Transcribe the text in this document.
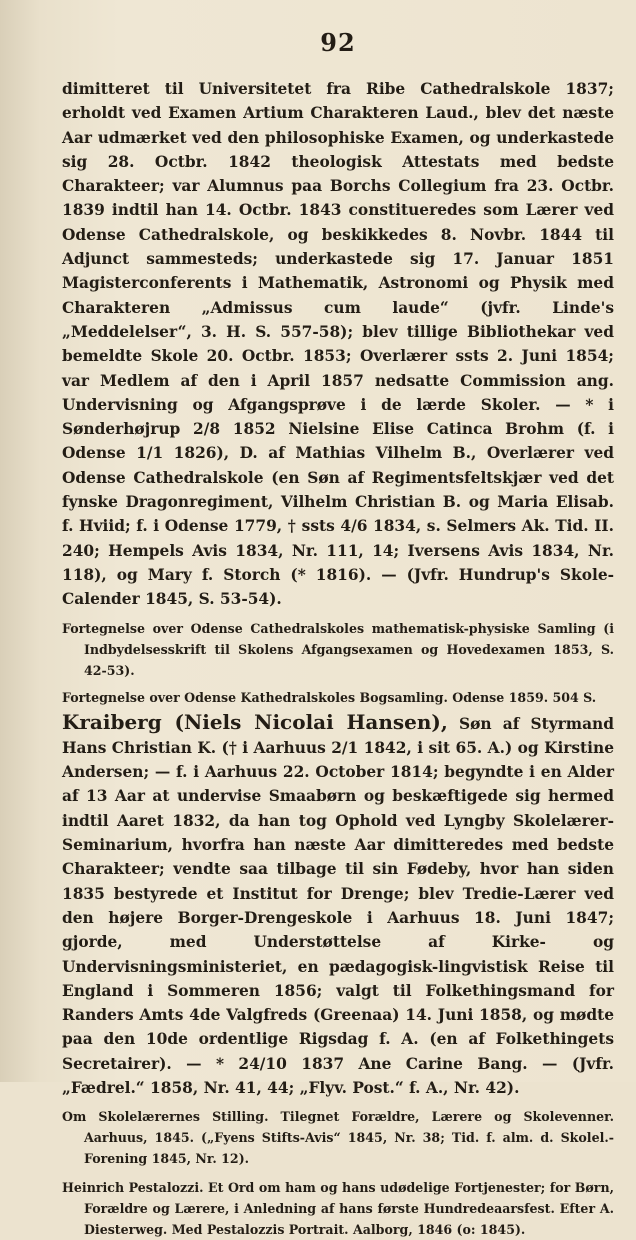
92

dimitteret til Universitetet fra Ribe Cathedralskole 1837; erholdt ved Examen Artium Charakteren Laud., blev det næste Aar udmærket ved den philosophiske Examen, og underkastede sig 28. Octbr. 1842 theologisk Attestats med bedste Charakteer; var Alumnus paa Borchs Collegium fra 23. Octbr. 1839 indtil han 14. Octbr. 1843 constitueredes som Lærer ved Odense Cathedralskole, og beskikkedes 8. Novbr. 1844 til Adjunct sammesteds; underkastede sig 17. Januar 1851 Magisterconferents i Mathematik, Astronomi og Physik med Charakteren „Admissus cum laude“ (jvfr. Linde's „Meddelelser“, 3. H. S. 557-58); blev tillige Bibliothekar ved bemeldte Skole 20. Octbr. 1853; Overlærer ssts 2. Juni 1854; var Medlem af den i April 1857 nedsatte Commission ang. Undervisning og Afgangsprøve i de lærde Skoler. — * i Sønderhøjrup 2/8 1852 Nielsine Elise Catinca Brohm (f. i Odense 1/1 1826), D. af Mathias Vilhelm B., Overlærer ved Odense Cathedralskole (en Søn af Regimentsfeltskjær ved det fynske Dragonregiment, Vilhelm Christian B. og Maria Elisab. f. Hviid; f. i Odense 1779, † ssts 4/6 1834, s. Selmers Ak. Tid. II. 240; Hempels Avis 1834, Nr. 111, 14; Iversens Avis 1834, Nr. 118), og Mary f. Storch (* 1816). — (Jvfr. Hundrup's Skole-Calender 1845, S. 53-54).

Fortegnelse over Odense Cathedralskoles mathematisk-physiske Samling (i Indbydelsesskrift til Skolens Afgangsexamen og Hovedexamen 1853, S. 42-53).

Fortegnelse over Odense Kathedralskoles Bogsamling. Odense 1859. 504 S.

Kraiberg (Niels Nicolai Hansen), Søn af Styrmand Hans Christian K. († i Aarhuus 2/1 1842, i sit 65. A.) og Kirstine Andersen; — f. i Aarhuus 22. October 1814; begyndte i en Alder af 13 Aar at undervise Smaabørn og beskæftigede sig hermed indtil Aaret 1832, da han tog Ophold ved Lyngby Skolelærer-Seminarium, hvorfra han næste Aar dimitteredes med bedste Charakteer; vendte saa tilbage til sin Fødeby, hvor han siden 1835 bestyrede et Institut for Drenge; blev Tredie-Lærer ved den højere Borger-Drengeskole i Aarhuus 18. Juni 1847; gjorde, med Understøttelse af Kirke- og Undervisningsministeriet, en pædagogisk-lingvistisk Reise til England i Sommeren 1856; valgt til Folkethingsmand for Randers Amts 4de Valgfreds (Greenaa) 14. Juni 1858, og mødte paa den 10de ordentlige Rigsdag f. A. (en af Folkethingets Secretairer). — * 24/10 1837 Ane Carine Bang. — (Jvfr. „Fædrel.“ 1858, Nr. 41, 44; „Flyv. Post.“ f. A., Nr. 42).

Om Skolelærernes Stilling. Tilegnet Forældre, Lærere og Skolevenner. Aarhuus, 1845. („Fyens Stifts-Avis“ 1845, Nr. 38; Tid. f. alm. d. Skolel.-Forening 1845, Nr. 12).

Heinrich Pestalozzi. Et Ord om ham og hans udødelige Fortjenester; for Børn, Forældre og Lærere, i Anledning af hans første Hundredeaarsfest. Efter A. Diesterweg. Med Pestalozzis Portrait. Aalborg, 1846 (o: 1845).
